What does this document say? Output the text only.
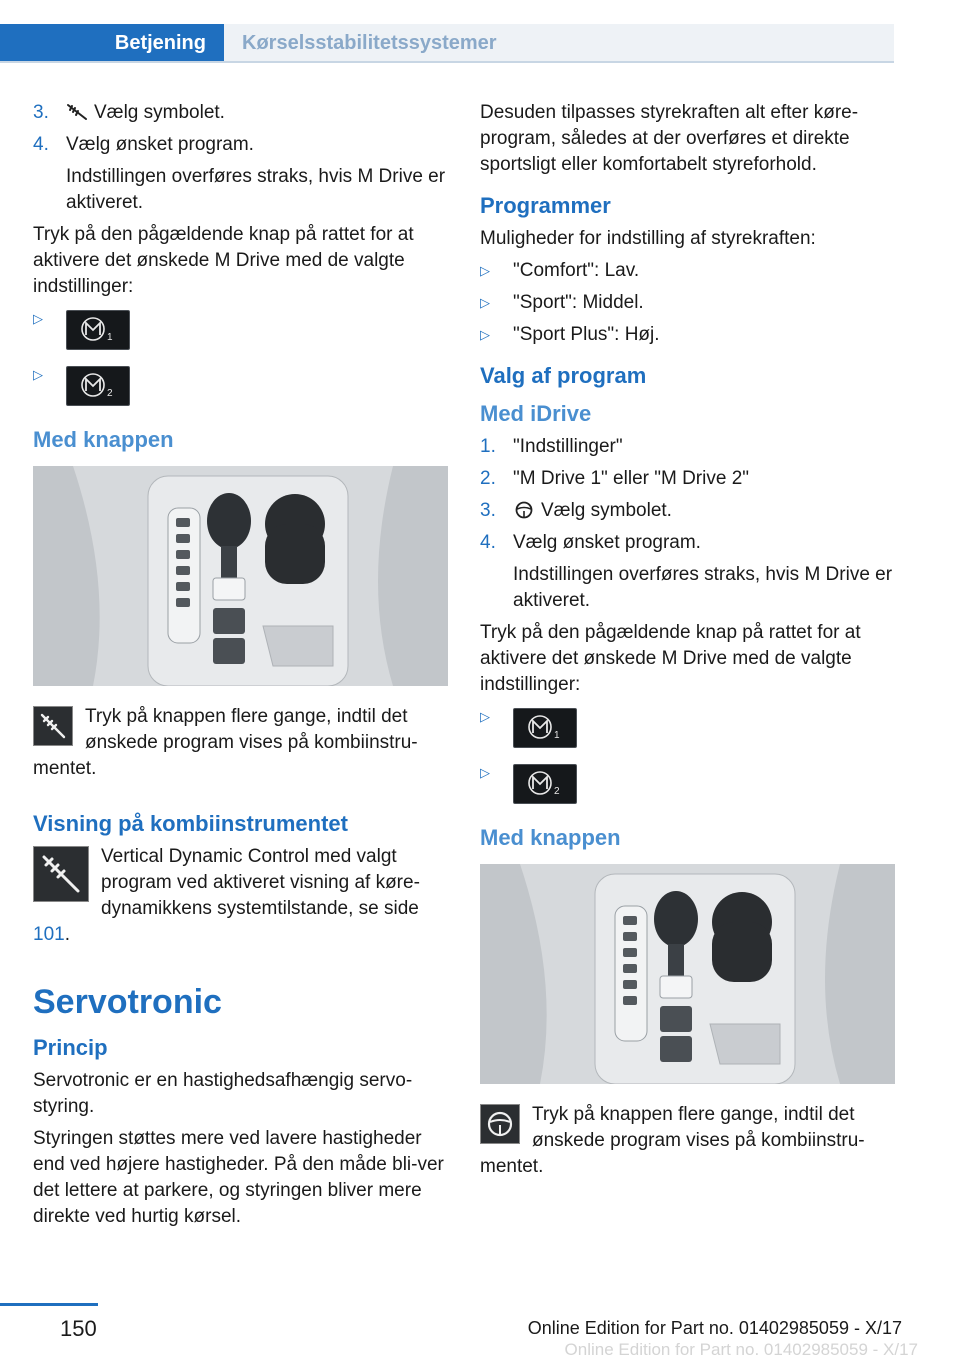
Betjening	Kørselsstabilitetssystemer
3.	Vælg symbolet.
4. Vælg ønsket program.
Indstillingen overføres straks, hvis M Drive er aktiveret.

Tryk på den pågældende knap på rattet for at aktivere det ønskede M Drive med de valgte indstillinger:

▷
1
▷
2
Med knappen
Tryk på knappen flere gange, indtil det ønskede program vises på kombiinstru-mentet.
Visning på kombiinstrumentet
Vertical Dynamic Control med valgt program ved aktiveret visning af køre-dynamikkens systemtilstande, se side 101.
Servotronic
Princip

Servotronic er en hastighedsafhængig servo-styring.

Styringen støttes mere ved lavere hastigheder end ved højere hastigheder. På den måde bli-ver det lettere at parkere, og styringen bliver mere direkte ved hurtig kørsel.

Desuden tilpasses styrekraften alt efter køre-program, således at der overføres et direkte sportsligt eller komfortabelt styreforhold.

Programmer

Muligheder for indstilling af styrekraften:

▷	"Comfort": Lav.
▷	"Sport": Middel.
▷	"Sport Plus": Høj.
Valg af program
Med iDrive
1. "Indstillinger"
2. "M Drive 1" eller "M Drive 2"
3.	Vælg symbolet.
4. Vælg ønsket program.
Indstillingen overføres straks, hvis M Drive er aktiveret.

Tryk på den pågældende knap på rattet for at aktivere det ønskede M Drive med de valgte indstillinger:

▷
1
▷
2
Med knappen
Tryk på knappen flere gange, indtil det ønskede program vises på kombiinstru-mentet.
150	Online Edition for Part no. 01402985059 - X/17
Online Edition for Part no. 01402985059 - X/17
